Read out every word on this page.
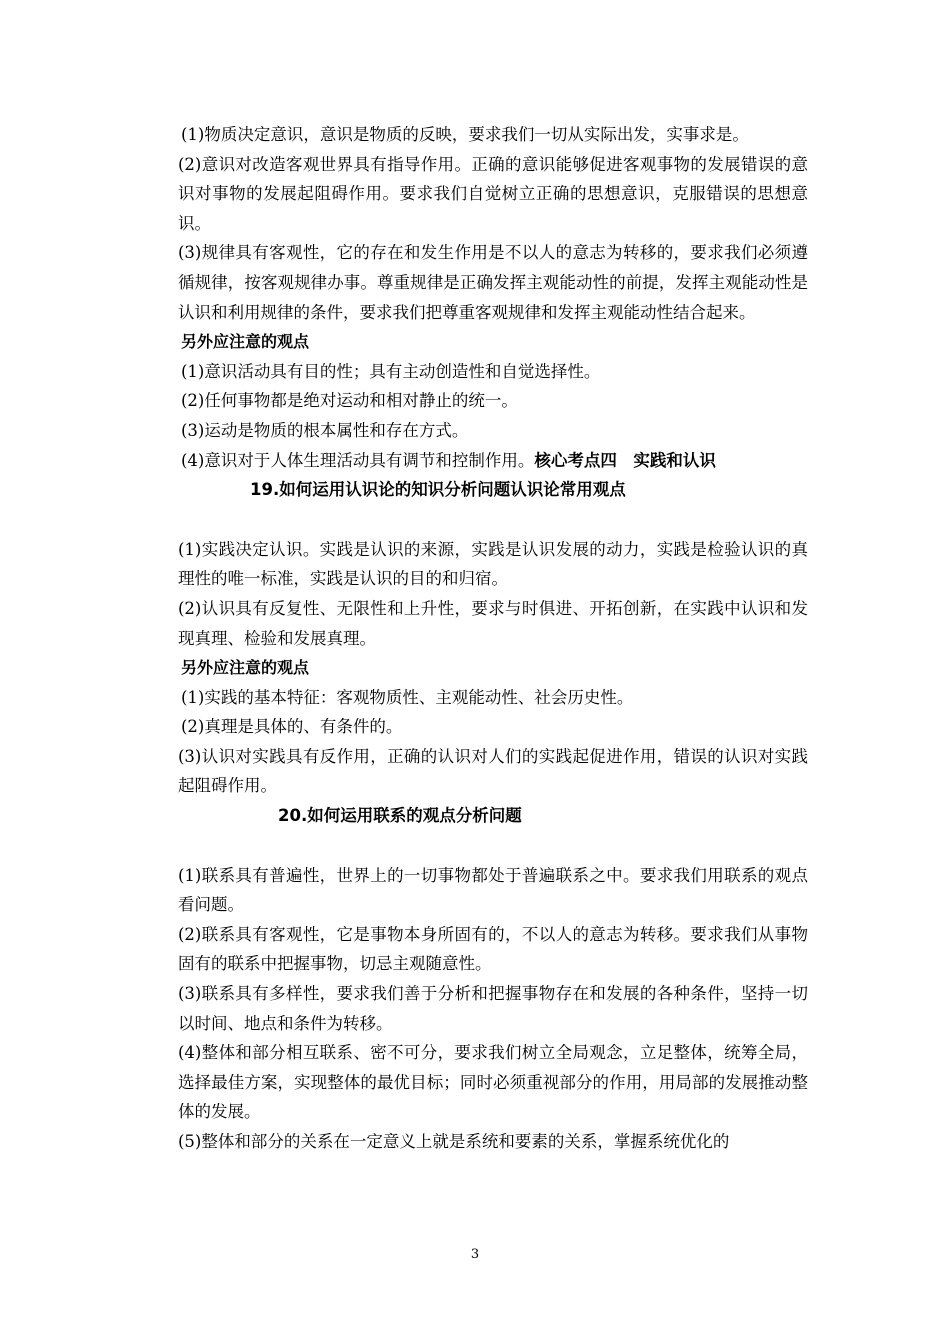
(1)物质决定意识，意识是物质的反映，要求我们一切从实际出发，实事求是。

(2)意识对改造客观世界具有指导作用。正确的意识能够促进客观事物的发展错误的意识对事物的发展起阻碍作用。要求我们自觉树立正确的思想意识，克服错误的思想意识。

(3)规律具有客观性，它的存在和发生作用是不以人的意志为转移的，要求我们必须遵循规律，按客观规律办事。尊重规律是正确发挥主观能动性的前提，发挥主观能动性是认识和利用规律的条件，要求我们把尊重客观规律和发挥主观能动性结合起来。

另外应注意的观点

(1)意识活动具有目的性；具有主动创造性和自觉选择性。

(2)任何事物都是绝对运动和相对静止的统一。

(3)运动是物质的根本属性和存在方式。

(4)意识对于人体生理活动具有调节和控制作用。核心考点四　实践和认识

19.如何运用认识论的知识分析问题认识论常用观点

(1)实践决定认识。实践是认识的来源，实践是认识发展的动力，实践是检验认识的真理性的唯一标准，实践是认识的目的和归宿。

(2)认识具有反复性、无限性和上升性，要求与时俱进、开拓创新，在实践中认识和发现真理、检验和发展真理。

另外应注意的观点

(1)实践的基本特征：客观物质性、主观能动性、社会历史性。

(2)真理是具体的、有条件的。

(3)认识对实践具有反作用，正确的认识对人们的实践起促进作用，错误的认识对实践起阻碍作用。

20.如何运用联系的观点分析问题

(1)联系具有普遍性，世界上的一切事物都处于普遍联系之中。要求我们用联系的观点看问题。

(2)联系具有客观性，它是事物本身所固有的，不以人的意志为转移。要求我们从事物固有的联系中把握事物，切忌主观随意性。

(3)联系具有多样性，要求我们善于分析和把握事物存在和发展的各种条件，坚持一切以时间、地点和条件为转移。

(4)整体和部分相互联系、密不可分，要求我们树立全局观念，立足整体，统筹全局，选择最佳方案，实现整体的最优目标；同时必须重视部分的作用，用局部的发展推动整体的发展。

(5)整体和部分的关系在一定意义上就是系统和要素的关系，掌握系统优化的

3
